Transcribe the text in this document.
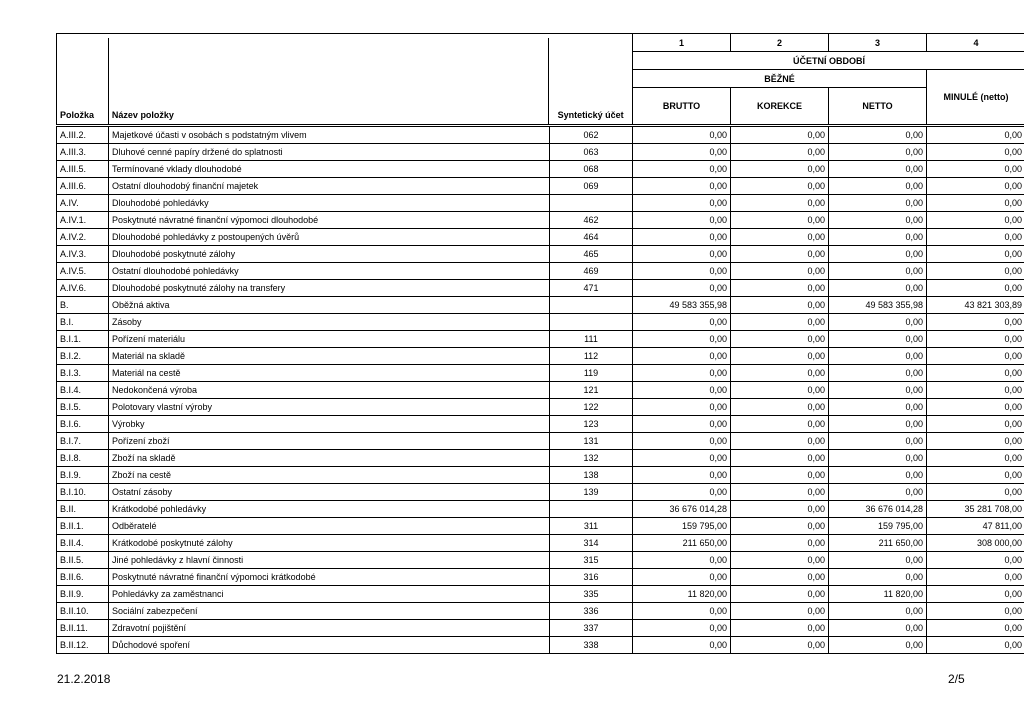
Položka Název položky Syntetický účet			1	2	3	4
			ÚČETNÍ OBDOBÍ			
			BĚŽNÉ			MINULÉ (netto)
			BRUTTO	KOREKCE	NETTO	
A.III.2.	Majetkové účasti v osobách s podstatným vlivem	062	0,00	0,00	0,00	0,00
A.III.3.	Dluhové cenné papíry držené do splatnosti	063	0,00	0,00	0,00	0,00
A.III.5.	Termínované vklady dlouhodobé	068	0,00	0,00	0,00	0,00
A.III.6.	Ostatní dlouhodobý finanční majetek	069	0,00	0,00	0,00	0,00
A.IV.	Dlouhodobé pohledávky		0,00	0,00	0,00	0,00
A.IV.1.	Poskytnuté návratné finanční výpomoci dlouhodobé	462	0,00	0,00	0,00	0,00
A.IV.2.	Dlouhodobé pohledávky z postoupených úvěrů	464	0,00	0,00	0,00	0,00
A.IV.3.	Dlouhodobé poskytnuté zálohy	465	0,00	0,00	0,00	0,00
A.IV.5.	Ostatní dlouhodobé pohledávky	469	0,00	0,00	0,00	0,00
A.IV.6.	Dlouhodobé poskytnuté zálohy na transfery	471	0,00	0,00	0,00	0,00
B.	Oběžná aktiva		49 583 355,98	0,00	49 583 355,98	43 821 303,89
B.I.	Zásoby		0,00	0,00	0,00	0,00
B.I.1.	Pořízení materiálu	111	0,00	0,00	0,00	0,00
B.I.2.	Materiál na skladě	112	0,00	0,00	0,00	0,00
B.I.3.	Materiál na cestě	119	0,00	0,00	0,00	0,00
B.I.4.	Nedokončená výroba	121	0,00	0,00	0,00	0,00
B.I.5.	Polotovary vlastní výroby	122	0,00	0,00	0,00	0,00
B.I.6.	Výrobky	123	0,00	0,00	0,00	0,00
B.I.7.	Pořízení zboží	131	0,00	0,00	0,00	0,00
B.I.8.	Zboží na skladě	132	0,00	0,00	0,00	0,00
B.I.9.	Zboží na cestě	138	0,00	0,00	0,00	0,00
B.I.10.	Ostatní zásoby	139	0,00	0,00	0,00	0,00
B.II.	Krátkodobé pohledávky		36 676 014,28	0,00	36 676 014,28	35 281 708,00
B.II.1.	Odběratelé	311	159 795,00	0,00	159 795,00	47 811,00
B.II.4.	Krátkodobé poskytnuté zálohy	314	211 650,00	0,00	211 650,00	308 000,00
B.II.5.	Jiné pohledávky z hlavní činnosti	315	0,00	0,00	0,00	0,00
B.II.6.	Poskytnuté návratné finanční výpomoci krátkodobé	316	0,00	0,00	0,00	0,00
B.II.9.	Pohledávky za zaměstnanci	335	11 820,00	0,00	11 820,00	0,00
B.II.10.	Sociální zabezpečení	336	0,00	0,00	0,00	0,00
B.II.11.	Zdravotní pojištění	337	0,00	0,00	0,00	0,00
B.II.12.	Důchodové spoření	338	0,00	0,00	0,00	0,00
21.2.2018	2/5
